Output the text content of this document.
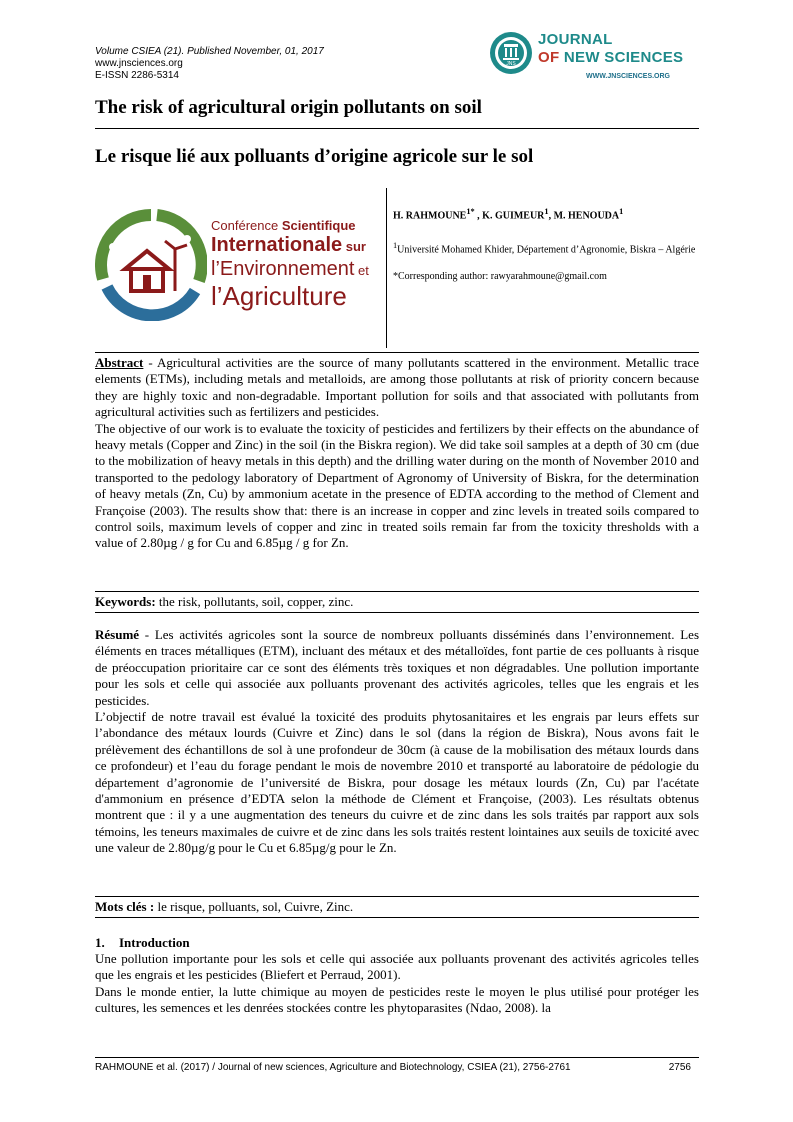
Volume CSIEA (21). Published November, 01, 2017
www.jnsciences.org
E-ISSN 2286-5314
JNS
JOURNAL
OF NEW SCIENCES
WWW.JNSCIENCES.ORG
The risk of agricultural origin pollutants on soil
Le risque lié aux polluants d’origine agricole sur le sol
Conférence Scientifique
Internationale sur
l’Environnement et
l’Agriculture
H. $RAHMOUNE^{1*}$ , K. GUIMEUR$^1$, M. HENOUDA$^1$
$^1$Université Mohamed Khider, Département d’Agronomie, Biskra – Algérie
*Corresponding author: rawyarahmoune@gmail.com

Abstract - Agricultural activities are the source of many pollutants scattered in the environment. Metallic trace elements (ETMs), including metals and metalloids, are among those pollutants at risk of priority concern because they are highly toxic and non-degradable. Important pollution for soils and that associated with pollutants from agricultural activities such as fertilizers and pesticides.

The objective of our work is to evaluate the toxicity of pesticides and fertilizers by their effects on the abundance of heavy metals (Copper and Zinc) in the soil (in the Biskra region). We did take soil samples at a depth of 30 cm (due to the mobilization of heavy metals in this depth) and the drilling water during on the month of November 2010 and transported to the pedology laboratory of Department of Agronomy of University of Biskra, for the determination of heavy metals (Zn, Cu) by ammonium acetate in the presence of EDTA according to the method of Clement and Françoise (2003). The results show that: there is an increase in copper and zinc levels in treated soils compared to control soils, maximum levels of copper and zinc in treated soils remain far from the toxicity thresholds with a value of 2.80µg / g for Cu and 6.85µg / g for Zn.

Keywords: the risk, pollutants, soil, copper, zinc.

Résumé - Les activités agricoles sont la source de nombreux polluants disséminés dans l’environnement. Les éléments en traces métalliques (ETM), incluant des métaux et des métalloïdes, font partie de ces polluants à risque de préoccupation prioritaire car ce sont des éléments très toxiques et non dégradables. Une pollution importante pour les sols et celle qui associée aux polluants provenant des activités agricoles, telles que les engrais et les pesticides.

L’objectif de notre travail est évalué la toxicité des produits phytosanitaires et les engrais par leurs effets sur l’abondance des métaux lourds (Cuivre et Zinc) dans le sol (dans la région de Biskra), Nous avons fait le prélèvement des échantillons de sol à une profondeur de 30cm (à cause de la mobilisation des métaux lourds dans ce profondeur) et l’eau du forage pendant le mois de novembre 2010 et transporté au laboratoire de pédologie du département d’agronomie de l’université de Biskra, pour dosage les métaux lourds (Zn, Cu) par l'acétate d'ammonium en présence d’EDTA selon la méthode de Clément et Françoise, (2003). Les résultats obtenus montrent que : il y a une augmentation des teneurs du cuivre et de zinc dans les sols traités par rapport aux sols témoins, les teneurs maximales de cuivre et de zinc dans les sols traités restent lointaines aux seuils de toxicité avec une valeur de 2.80µg/g pour le Cu et 6.85µg/g pour le Zn.

Mots clés : le risque, polluants, sol, Cuivre, Zinc.

1. Introduction

Une pollution importante pour les sols et celle qui associée aux polluants provenant des activités agricoles telles que les engrais et les pesticides (Bliefert et Perraud, 2001).

Dans le monde entier, la lutte chimique au moyen de pesticides reste le moyen le plus utilisé pour protéger les cultures, les semences et les denrées stockées contre les phytoparasites (Ndao, 2008). la

RAHMOUNE et al. (2017) / Journal of new sciences, Agriculture and Biotechnology, CSIEA (21), 2756-2761	2756
